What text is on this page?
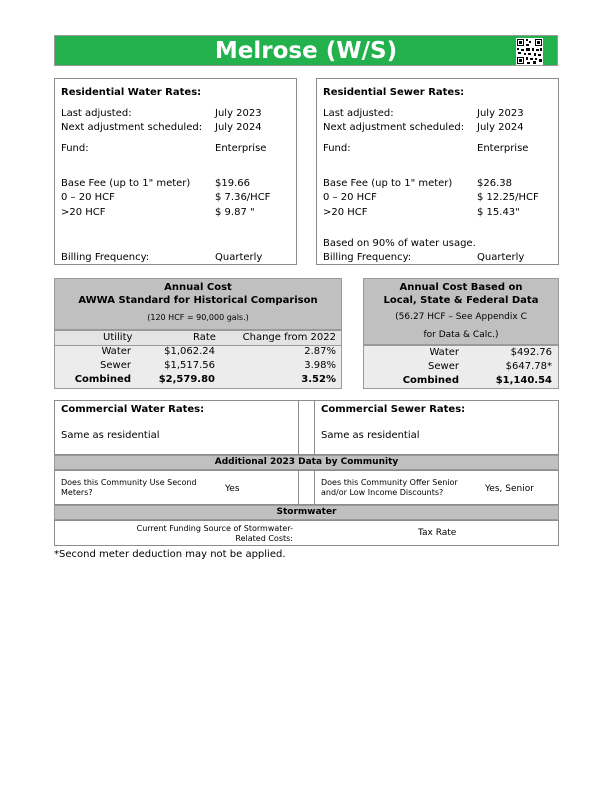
Melrose (W/S)
Residential Water Rates:
Last adjusted:	July 2023
Next adjustment scheduled: July 2024
Fund:	Enterprise
Base Fee (up to 1" meter) $19.66
0 – 20 HCF	$ 7.36/HCF
>20 HCF	$ 9.87 "
Billing Frequency:	Quarterly
Residential Sewer Rates:
Last adjusted:	July 2023
Next adjustment scheduled: July 2024
Fund:	Enterprise
Base Fee (up to 1" meter) $26.38
0 – 20 HCF	$ 12.25/HCF
>20 HCF	$ 15.43"
Based on 90% of water usage.
Billing Frequency:	Quarterly
Annual Cost
AWWA Standard for Historical Comparison
(120 HCF = 90,000 gals.)
Utility	Rate	Change from 2022
Water	$1,062.24	2.87%
Sewer	$1,517.56	3.98%
Combined	$2,579.80	3.52%
Annual Cost Based on
Local, State & Federal Data
(56.27 HCF – See Appendix C
for Data & Calc.)
Water	$492.76
Sewer	$647.78*
Combined	$1,140.54
Commercial Water Rates:
Same as residential
Commercial Sewer Rates:
Same as residential
Additional 2023 Data by Community
Does this Community Use Second Meters?	Yes
Does this Community Offer Senior and/or Low Income Discounts?	Yes, Senior
Stormwater
Current Funding Source of Stormwater-Related Costs:
Tax Rate
*Second meter deduction may not be applied.
